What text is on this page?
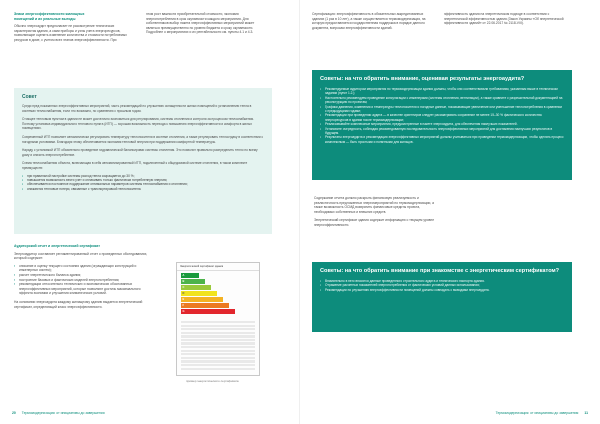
Знаки энергоэффективности жилищных
помещений и их реальные выгоды
Обычно энергоаудит предполагает не рассмотрение технических характеристик здания, а сами приборы и узлы учета энергоресурсов, позволяющие оценить изменение количества и стоимости потребляемых ресурсов в доме, с учетом всех этапов энергоэффективности. При
этом рост важности приобретательной стоимости, экономия энергопотребления в срок окупаемости каждого мероприятия. Для собственников выбор пакета энергоэффективных мероприятий может являться преимущественно по уровню бюджета и сроку окупаемости. Подробнее о мероприятиях и их рентабельности см. пункты 4.1 и 4.3.
Совет

Среди пред показанных энергоэффективных мероприятий, часть рекомендаций по улучшению оснащенности жилых помещений и установлению тепла в системах теплоснабжения, если это возможно, по сравнению с прошлым годом.

Стоящее тепловым пунктом в здании не может достаточно экономиться для регулирования, системы отопления и контроля за процессом теплоснабжения. Поэтому установка индивидуального теплового пункта (ИТП) — хорошая возможность перехода к повышению энергоэффективности и комфорта в жилых помещениях.

Современный ИТП позволяет автоматически регулировать температуру теплоносителя в системе отопления, а также регулировать теплоотдачу в соответствии с погодными условиями. Благодаря этому обеспечивается экономия тепловой энергии при поддержании комфортной температуры.

Наряду с установкой ИТП обязательно проведение гидравлической балансировки системы отопления. Это позволит правильно распределить тепло по всему дому и снизить энергопотребление.

Схема теплоснабжения объекта, включающая в себя автоматизированный ИТП, подключенный к общедомовой системе отопления, в таком комплекте преимуществ:

▪ при правильной настройке системы расход тепла сокращается до 30 %;
▪ повышается возможность вести учет и оплачивать только фактически потребленную энергию;
▪ обеспечивается постоянное поддержание оптимальных параметров системы теплоснабжения и отопления;
▪ снижаются тепловые потери, связанные с транспортировкой теплоносителя.
Аудиторский отчет и энергетический сертификат
Энергоаудитор составляет регламентированный отчет о проведенных обследованиях, который содержит:
▪ описание и оценку текущего состояния здания (ограждающих конструкций и инженерных систем);
▪ расчет энергетического баланса здания;
▪ построение базовых и фактических моделей энергопотребления;
▪ рекомендации относительно технических и экономических обоснованных энергоэффективных мероприятий, которые позволяют достичь максимального эффекта экономии и улучшения климатических условий.
На основании энергоаудита каждому жилищному зданию выдается энергетический сертификат, определяющий класс энергоэффективности.
Энергетический сертификат здания
A
B
C
D
E
F
G
пример энергетического сертификата
20 Термомодернизация: от инициативы до завершения
Сертификация: энергоэффективность в обязательных аккредитованных зданиях (1 раз в 10 лет), а также осуществляется термомодернизация, на которую предоставляется государственная поддержка в порядке данного документа, вопросам энергоэффективности зданий.
эффективность здания на энергетическом подходе в соответствии с энергетической эффективностью здания (Закон Украины «Об энергетической эффективности зданий» от 22.06.2017 № 2118-VIII).
Советы: на что обратить внимание, оценивая результаты энергоаудита?
▪ Рекомендуемые аудитором мероприятия по термомодернизации здания должны, чтобы они соответствовали требованиям, указанным выше в техническом задании (пункт 1.2.);
▪ Настоятельно рекомендуем проведение консультации с инженерами (системы отопления, вентиляции), а также сравните с разрешительной документацией на реконструкцию по проектам;
▪ Графики давления, изменения и температуры теплоносителя и погодные данные, показывающие увеличение или уменьшение теплопотребления в сравнении с предыдущими годами;
▪ Рекомендации при проведении аудита — в качестве ориентиров следует рассматривать сохранение не менее 15–30 % фактического количества энергоресурсов в здании после термомодернизации;
▪ Реализовывайте комплексные мероприятия, предусмотренные в пакете энергоаудита, для обеспечения наилучших показателей.
▪ Установите очередность, соблюдая рекомендованную последовательность энергоэффективных мероприятий для достижения наилучших результатов в будущем.
▪ Результаты энергоаудита и рекомендации энергоэффективных мероприятий должны учитываться при проведении термомодернизации, чтобы сделать процесс комплексным — быть простыми и понятными для жильцов.
Содержание отчета должно раскрыть финансовую реализуемость и реалистичность предложенных энергомероприятий по термомодернизации, а также возможность ОСМД возвратить финансовые кредиты проекта, необходимых собственных и внешних средств.
Энергетический сертификат здания содержит информацию о текущем уровне энергоэффективности.
Советы: на что обратить внимание при знакомстве с энергетическим сертификатом?
▪ Внимательно в него вносятся данные проведенного строительного аудита и технического паспорта здания.
▪ Отражение расчетных показателей энергопотребления от фактических условий данных использования;
▪ Рекомендации по улучшению энергоэффективности помещений должны совпадать с выводами энергоаудита.
Термомодернизация: от инициативы до завершения 11
